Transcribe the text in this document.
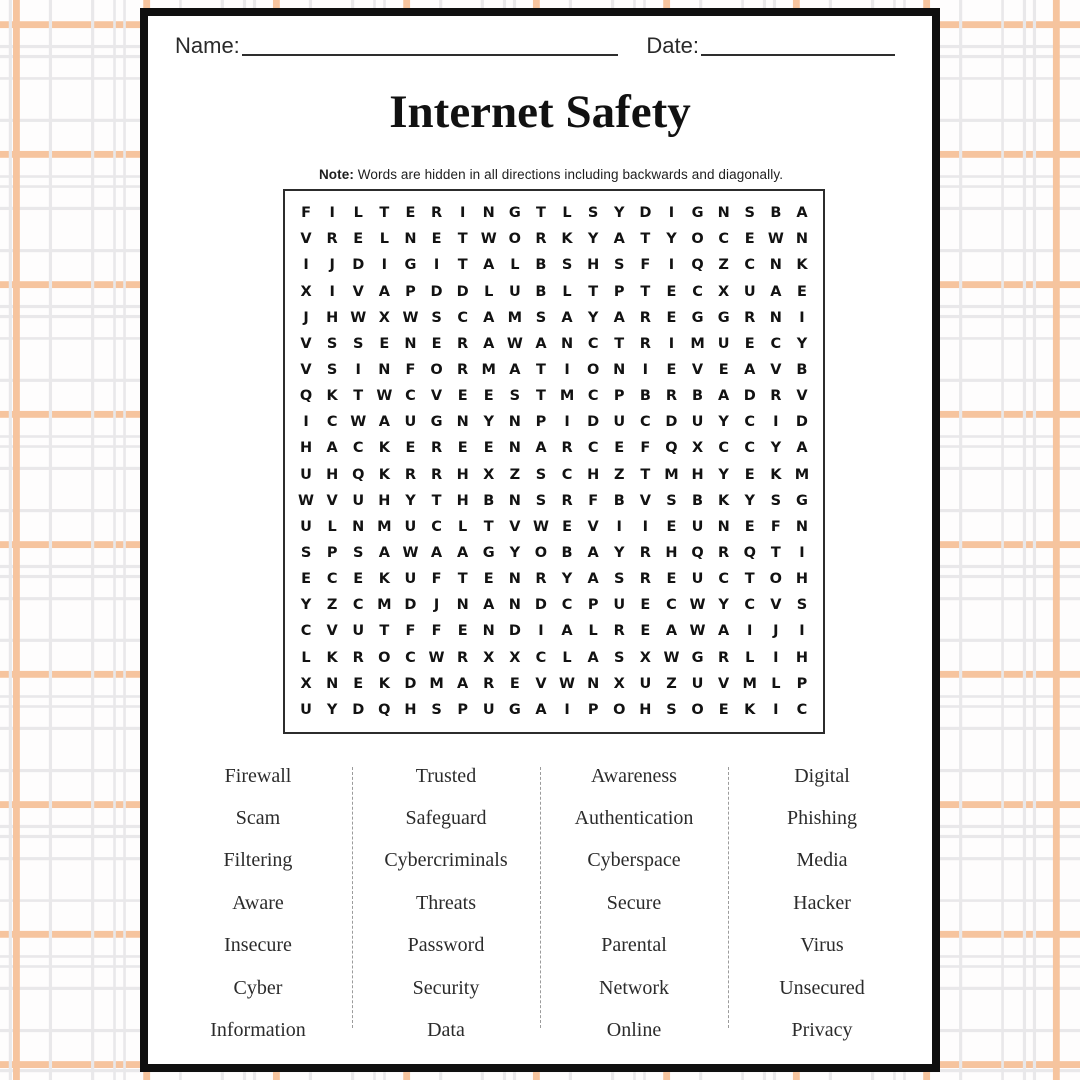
Name:	Date:
Internet Safety
Note: Words are hidden in all directions including backwards and diagonally.
F	I	L	T	E	R	I	N G	T	L	S	Y	D	I	G N	S	B	A
V	R	E	L	N	E	T W O R	K	Y	A	T	Y	O	C	E W N
I	J	D	I	G	I	T	A	L	B	S	H	S	F	I	Q	Z	C	N K
X	I	V	A	P	D D	L	U	B	L	T	P	T	E	C	X	U	A	E
J	H W X W S	C	A M S	A	Y	A	R	E	G G	R N	I
V	S	S	E	N	E	R	A W A N	C	T	R	I	M U	E	C	Y
V	S	I	N	F	O R M A	T	I	O N	I	E	V	E	A	V	B
Q K	T W C	V	E	E	S	T M C	P	B	R	B	A D R	V
I	C W A	U G N	Y	N	P	I	D U	C	D U	Y	C	I	D
H A	C	K	E	R	E	E	N A	R	C	E	F	Q X	C	C	Y	A
U H Q K	R	R H X	Z	S	C	H	Z	T M H	Y	E	K M
W V	U H	Y	T	H	B	N	S	R	F	B	V	S	B	K	Y	S	G
U	L	N M U	C	L	T	V W E	V	I	I	E	U N	E	F	N
S	P	S	A W A	A	G	Y	O B	A	Y	R H Q R Q	T	I
E	C	E	K	U	F	T	E	N R	Y	A	S	R	E	U	C	T	O H
Y	Z	C M D	J	N A N D	C	P	U	E	C W Y	C	V	S
C	V	U	T	F	F	E	N D	I	A	L	R	E	A W A	I	J	I
L	K	R O	C W R	X	X	C	L	A	S	X W G	R	L	I	H
X N	E	K D M A	R	E	V W N X	U	Z	U	V M L	P
U	Y	D Q H	S	P	U G	A	I	P	O H	S	O	E	K	I	C
Firewall
Scam
Filtering
Aware
Insecure
Cyber
Information
Trusted
Safeguard
Cybercriminals
Threats
Password
Security
Data
Awareness
Authentication
Cyberspace
Secure
Parental
Network
Online
Digital
Phishing
Media
Hacker
Virus
Unsecured
Privacy
